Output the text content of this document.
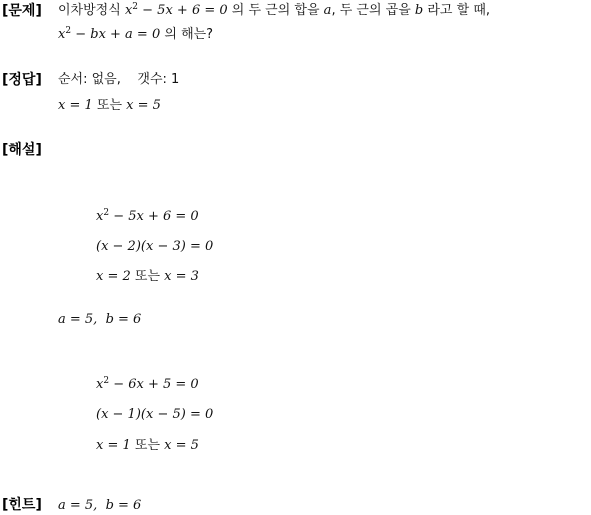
[문제] 이차방정식 $x^2 - 5x + 6 = 0$ 의 두 근의 합을 a, 두 근의 곱을 b 라고 할 때,
$x^2$ − bx + a = 0 의 해는?
[정답] 순서: 없음,    갯수: 1
x = 1 또는 x = 5
[해설]
$x^2 - 5x + 6 = 0$
(x − 2)(x − 3) = 0
x = 2 또는 x = 3
a = 5,  b = 6
$x^2 - 6x + 5 = 0$
(x − 1)(x − 5) = 0
x = 1 또는 x = 5
[힌트] a = 5,  b = 6
